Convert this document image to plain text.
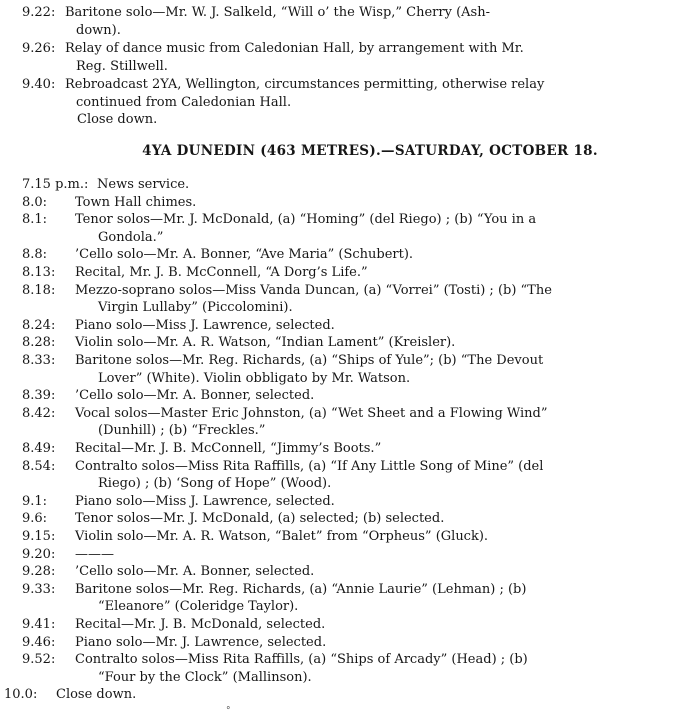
9.22: Baritone solo—Mr. W. J. Salkeld, “Will o’ the Wisp,” Cherry (Ash-
down).
9.26: Relay of dance music from Caledonian Hall, by arrangement with Mr.
Reg. Stillwell.
9.40: Rebroadcast 2YA, Wellington, circumstances permitting, otherwise relay
continued from Caledonian Hall.
Close down.
4YA DUNEDIN (463 METRES).—SATURDAY, OCTOBER 18.
7.15 p.m.: News service.
8.0: Town Hall chimes.
8.1: Tenor solos—Mr. J. McDonald, (a) “Homing” (del Riego) ; (b) “You in a
Gondola.”
8.8: ’Cello solo—Mr. A. Bonner, “Ave Maria” (Schubert).
8.13: Recital, Mr. J. B. McConnell, “A Dorg’s Life.”
8.18: Mezzo-soprano solos—Miss Vanda Duncan, (a) “Vorrei” (Tosti) ; (b) “The
Virgin Lullaby” (Piccolomini).
8.24: Piano solo—Miss J. Lawrence, selected.
8.28: Violin solo—Mr. A. R. Watson, “Indian Lament” (Kreisler).
8.33: Baritone solos—Mr. Reg. Richards, (a) “Ships of Yule”; (b) “The Devout
Lover” (White). Violin obbligato by Mr. Watson.
8.39: ’Cello solo—Mr. A. Bonner, selected.
8.42: Vocal solos—Master Eric Johnston, (a) “Wet Sheet and a Flowing Wind”
(Dunhill) ; (b) “Freckles.”
8.49: Recital—Mr. J. B. McConnell, “Jimmy’s Boots.”
8.54: Contralto solos—Miss Rita Raffills, (a) “If Any Little Song of Mine” (del
Riego) ; (b) ‘Song of Hope” (Wood).
9.1: Piano solo—Miss J. Lawrence, selected.
9.6: Tenor solos—Mr. J. McDonald, (a) selected; (b) selected.
9.15: Violin solo—Mr. A. R. Watson, “Balet” from “Orpheus” (Gluck).
9.20: ———
9.28: ’Cello solo—Mr. A. Bonner, selected.
9.33: Baritone solos—Mr. Reg. Richards, (a) “Annie Laurie” (Lehman) ; (b)
“Eleanore” (Coleridge Taylor).
9.41: Recital—Mr. J. B. McDonald, selected.
9.46: Piano solo—Mr. J. Lawrence, selected.
9.52: Contralto solos—Miss Rita Raffills, (a) “Ships of Arcady” (Head) ; (b)
“Four by the Clock” (Mallinson).
10.0: Close down.
°
